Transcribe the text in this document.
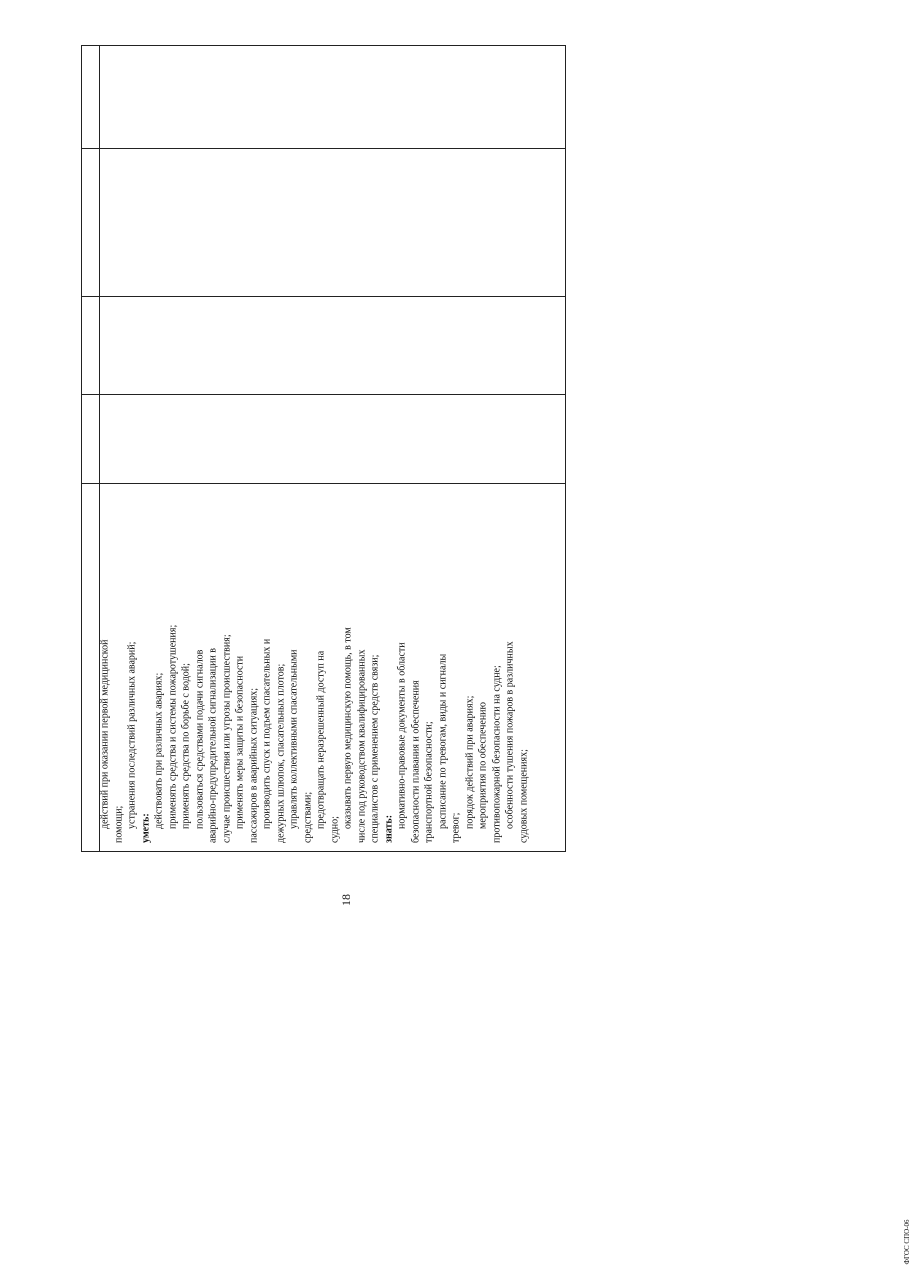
18
ФГОС СПО-06
действий при оказании первой медицинской помощи; устранения последствий различных аварий; уметь: действовать при различных авариях; применять средства и системы пожаротушения; применять средства по борьбе с водой; пользоваться средствами подачи сигналов аварийно-предупредительной сигнализации в случае происшествия или угрозы происшествия; применять меры защиты и безопасности пассажиров в аварийных ситуациях; производить спуск и подъем спасательных и дежурных шлюпок, спасательных плотов; управлять коллективными спасательными средствами; предотвращать неразрешенный доступ на
судно;
оказывать первую медицинскую помощь, в том числе под руководством квалифицированных специалистов с применением средств связи; знать: нормативно-правовые документы в области безопасности плавания и обеспечения транспортной безопасности; расписание по тревогам, виды и сигналы тревог; порядок действий при авариях; мероприятия по обеспечению противопожарной безопасности на судне; особенности тушения пожаров в различных судовых помещениях;
